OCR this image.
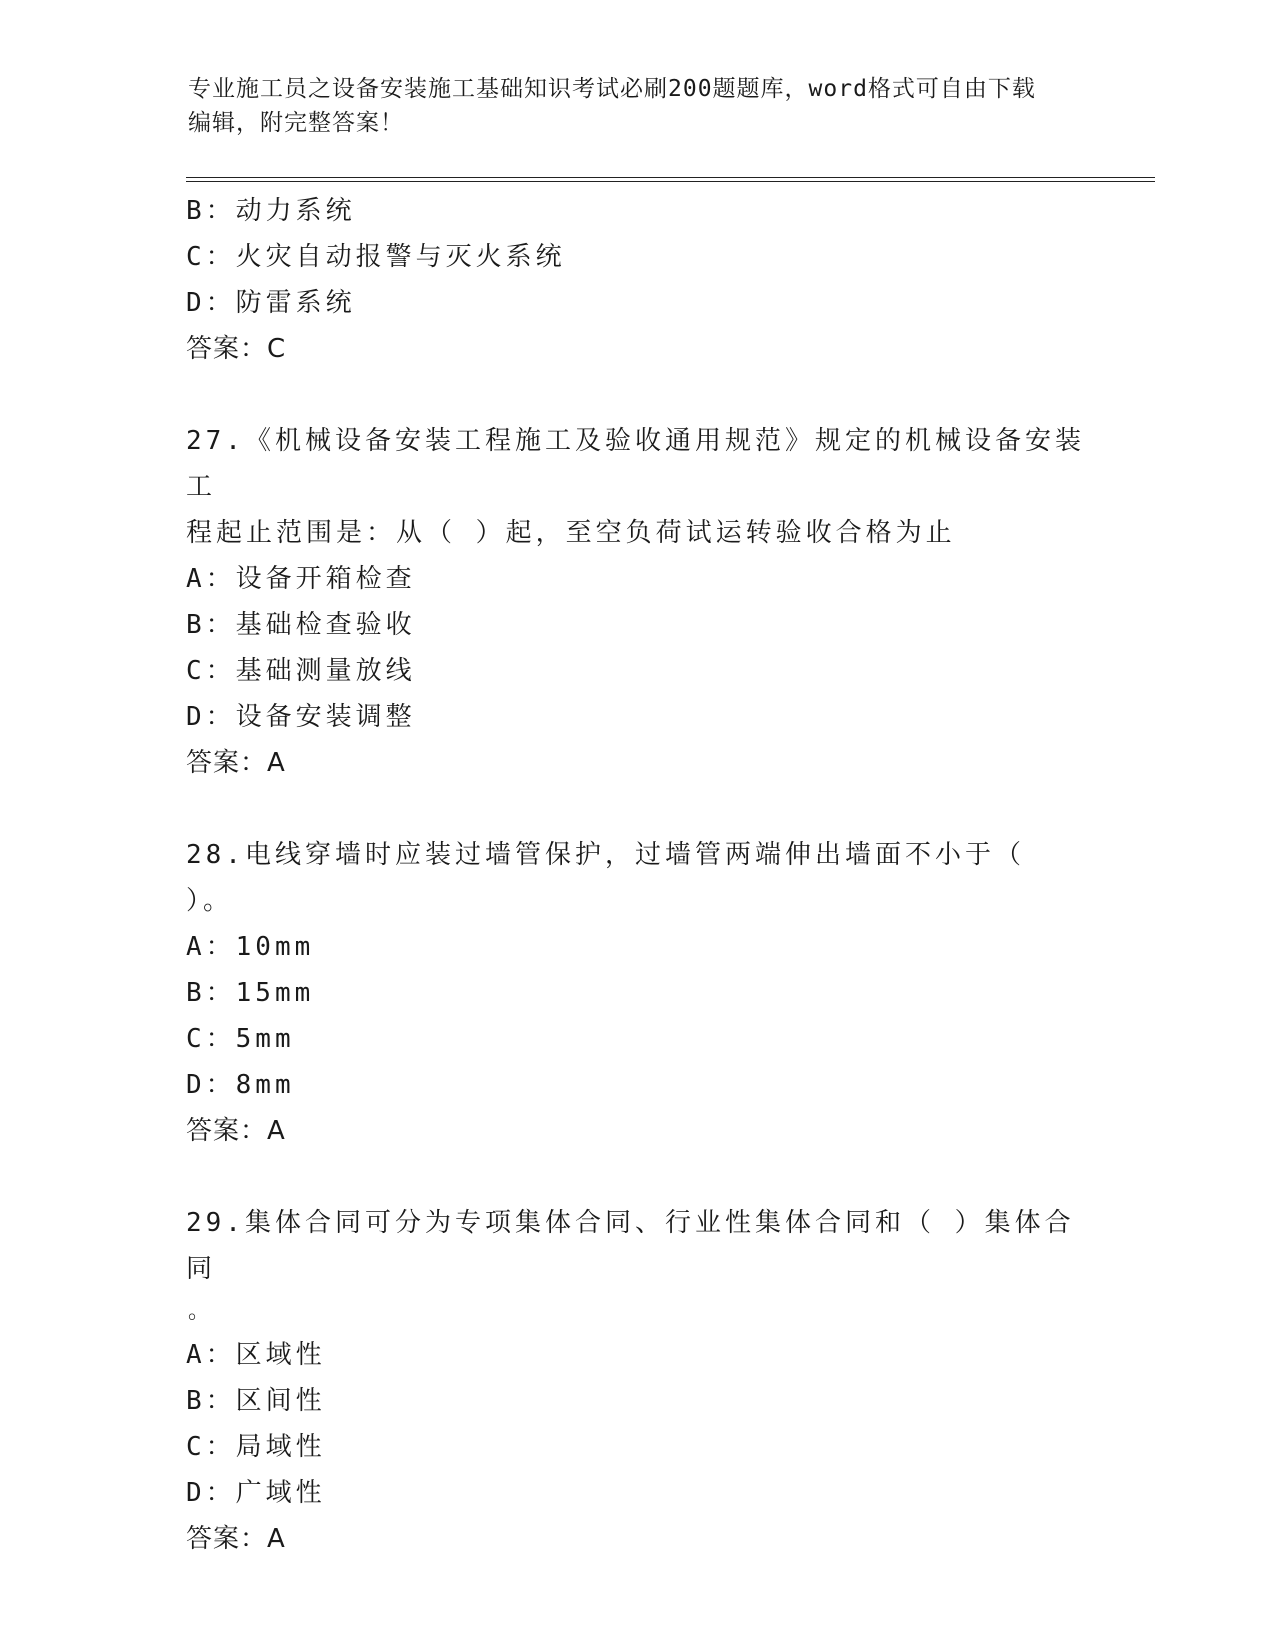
专业施工员之设备安装施工基础知识考试必刷200题题库，word格式可自由下载
编辑，附完整答案！
B：动力系统
C：火灾自动报警与灭火系统
D：防雷系统
答案：C
27.《机械设备安装工程施工及验收通用规范》规定的机械设备安装工
程起止范围是：从（ ）起，至空负荷试运转验收合格为止
A：设备开箱检查
B：基础检查验收
C：基础测量放线
D：设备安装调整
答案：A
28.电线穿墙时应装过墙管保护，过墙管两端伸出墙面不小于（ ）。
A：10mm
B：15mm
C：5mm
D：8mm
答案：A
29.集体合同可分为专项集体合同、行业性集体合同和（ ）集体合同
。
A：区域性
B：区间性
C：局域性
D：广域性
答案：A
